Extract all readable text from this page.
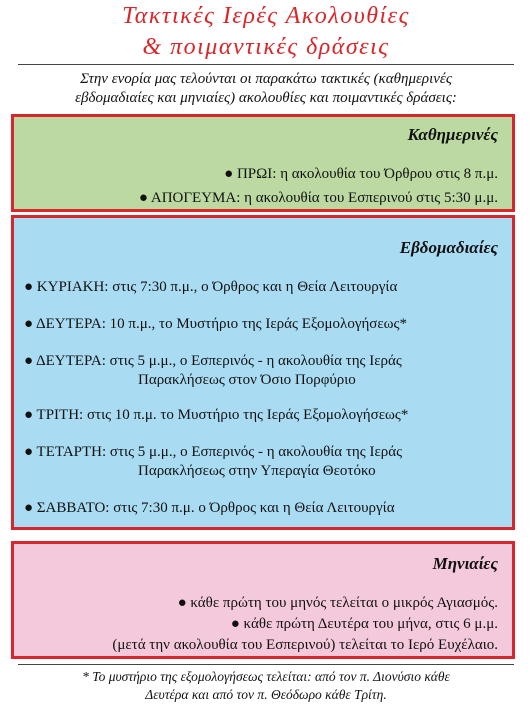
Τακτικές Ιερές Ακολουθίες
& ποιμαντικές δράσεις
Στην ενορία μας τελούνται οι παρακάτω τακτικές (καθημερινές
εβδομαδιαίες και μηνιαίες) ακολουθίες και ποιμαντικές δράσεις:
Καθημερινές
● ΠΡΩΙ: η ακολουθία του Όρθρου στις 8 π.μ.
● ΑΠΟΓΕΥΜΑ: η ακολουθία του Εσπερινού στις 5:30 μ.μ.
Εβδομαδιαίες
● ΚΥΡΙΑΚΗ: στις 7:30 π.μ., ο Όρθρος και η Θεία Λειτουργία
● ΔΕΥΤΕΡΑ: 10 π.μ., το Μυστήριο της Ιεράς Εξομολογήσεως*
● ΔΕΥΤΕΡΑ: στις 5 μ.μ., ο Εσπερινός - η ακολουθία της Ιεράς
Παρακλήσεως στον Όσιο Πορφύριο
● ΤΡΙΤΗ: στις 10 π.μ. το Μυστήριο της Ιεράς Εξομολογήσεως*
● ΤΕΤΑΡΤΗ: στις 5 μ.μ., ο Εσπερινός - η ακολουθία της Ιεράς
Παρακλήσεως στην Υπεραγία Θεοτόκο
● ΣΑΒΒΑΤΟ: στις 7:30 π.μ. ο Όρθρος και η Θεία Λειτουργία
Μηνιαίες
● κάθε πρώτη του μηνός τελείται ο μικρός Αγιασμός.
● κάθε πρώτη Δευτέρα του μήνα, στις 6 μ.μ.
(μετά την ακολουθία του Εσπερινού) τελείται το Ιερό Ευχέλαιο.
* Το μυστήριο της εξομολογήσεως τελείται: από τον π. Διονύσιο κάθε
Δευτέρα και από τον π. Θεόδωρο κάθε Τρίτη.
